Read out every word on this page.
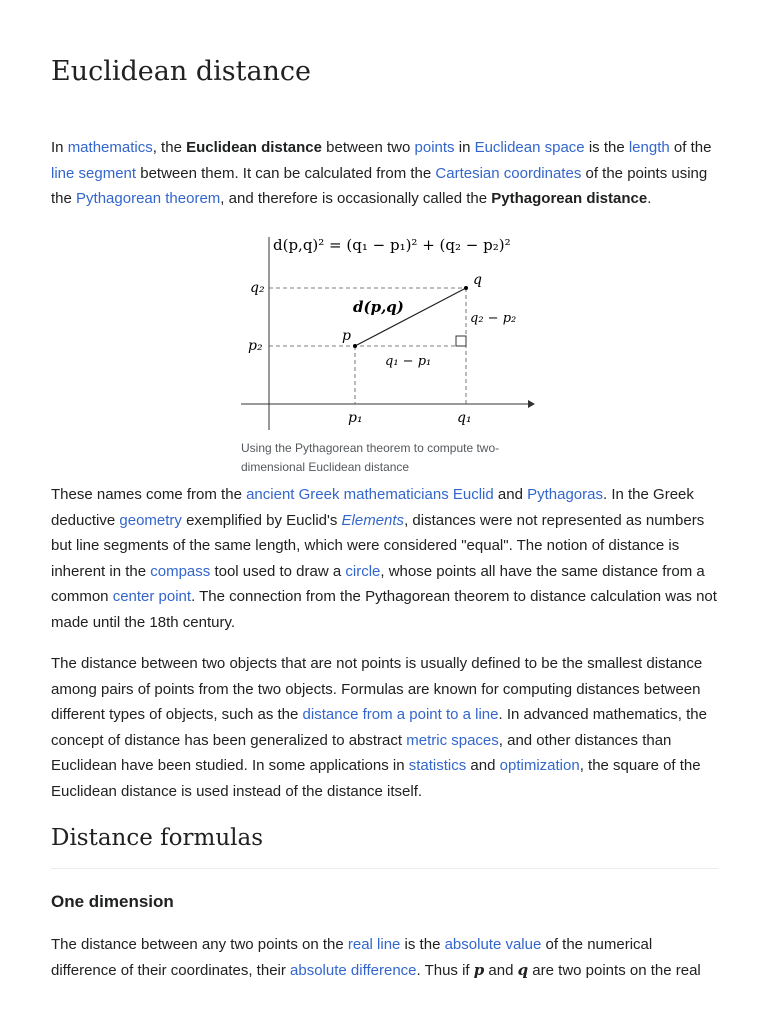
Euclidean distance

In mathematics, the Euclidean distance between two points in Euclidean space is the length of the line segment between them. It can be calculated from the Cartesian coordinates of the points using the Pythagorean theorem, and therefore is occasionally called the Pythagorean distance.

d(p,q)² = (q₁ − p₁)² + (q₂ − p₂)²
q₂
p₂
p₁	q₁
p
q
d(p,q)
q₂ − p₂
q₁ − p₁
Using the Pythagorean theorem to compute two-dimensional Euclidean distance

These names come from the ancient Greek mathematicians Euclid and Pythagoras. In the Greek deductive geometry exemplified by Euclid's Elements, distances were not represented as numbers but line segments of the same length, which were considered "equal". The notion of distance is inherent in the compass tool used to draw a circle, whose points all have the same distance from a common center point. The connection from the Pythagorean theorem to distance calculation was not made until the 18th century.

The distance between two objects that are not points is usually defined to be the smallest distance among pairs of points from the two objects. Formulas are known for computing distances between different types of objects, such as the distance from a point to a line. In advanced mathematics, the concept of distance has been generalized to abstract metric spaces, and other distances than Euclidean have been studied. In some applications in statistics and optimization, the square of the Euclidean distance is used instead of the distance itself.

Distance formulas
One dimension

The distance between any two points on the real line is the absolute value of the numerical difference of their coordinates, their absolute difference. Thus if p and q are two points on the real
